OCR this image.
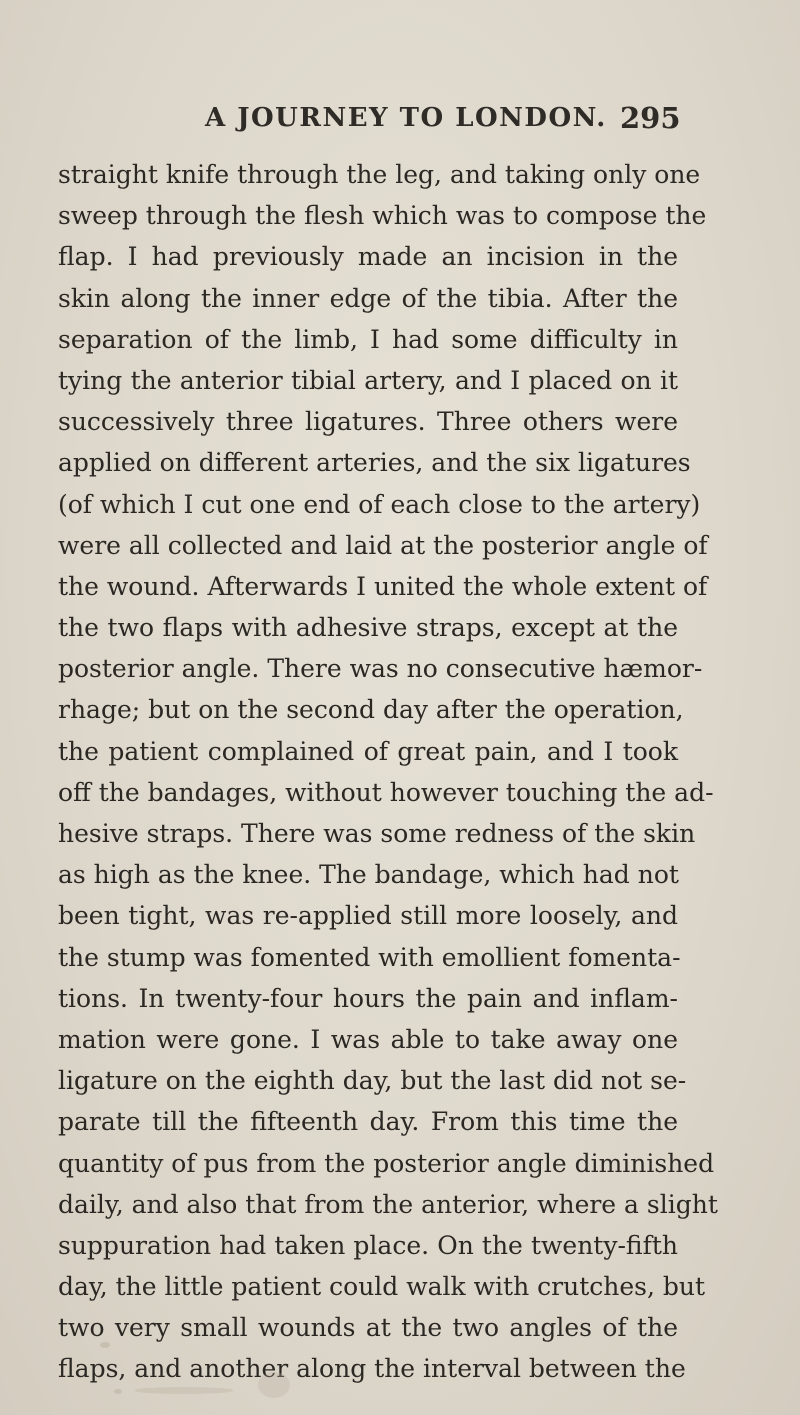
A JOURNEY TO LONDON. 295
straight knife through the leg, and taking only one
sweep through the flesh which was to compose the
flap. I had previously made an incision in the
skin along the inner edge of the tibia. After the
separation of the limb, I had some difficulty in
tying the anterior tibial artery, and I placed on it
successively three ligatures. Three others were
applied on different arteries, and the six ligatures
(of which I cut one end of each close to the artery)
were all collected and laid at the posterior angle of
the wound. Afterwards I united the whole extent of
the two flaps with adhesive straps, except at the
posterior angle. There was no consecutive hæmor-
rhage; but on the second day after the operation,
the patient complained of great pain, and I took
off the bandages, without however touching the ad-
hesive straps. There was some redness of the skin
as high as the knee. The bandage, which had not
been tight, was re-applied still more loosely, and
the stump was fomented with emollient fomenta-
tions. In twenty-four hours the pain and inflam-
mation were gone. I was able to take away one
ligature on the eighth day, but the last did not se-
parate till the fifteenth day. From this time the
quantity of pus from the posterior angle diminished
daily, and also that from the anterior, where a slight
suppuration had taken place. On the twenty-fifth
day, the little patient could walk with crutches, but
two very small wounds at the two angles of the
flaps, and another along the interval between the
